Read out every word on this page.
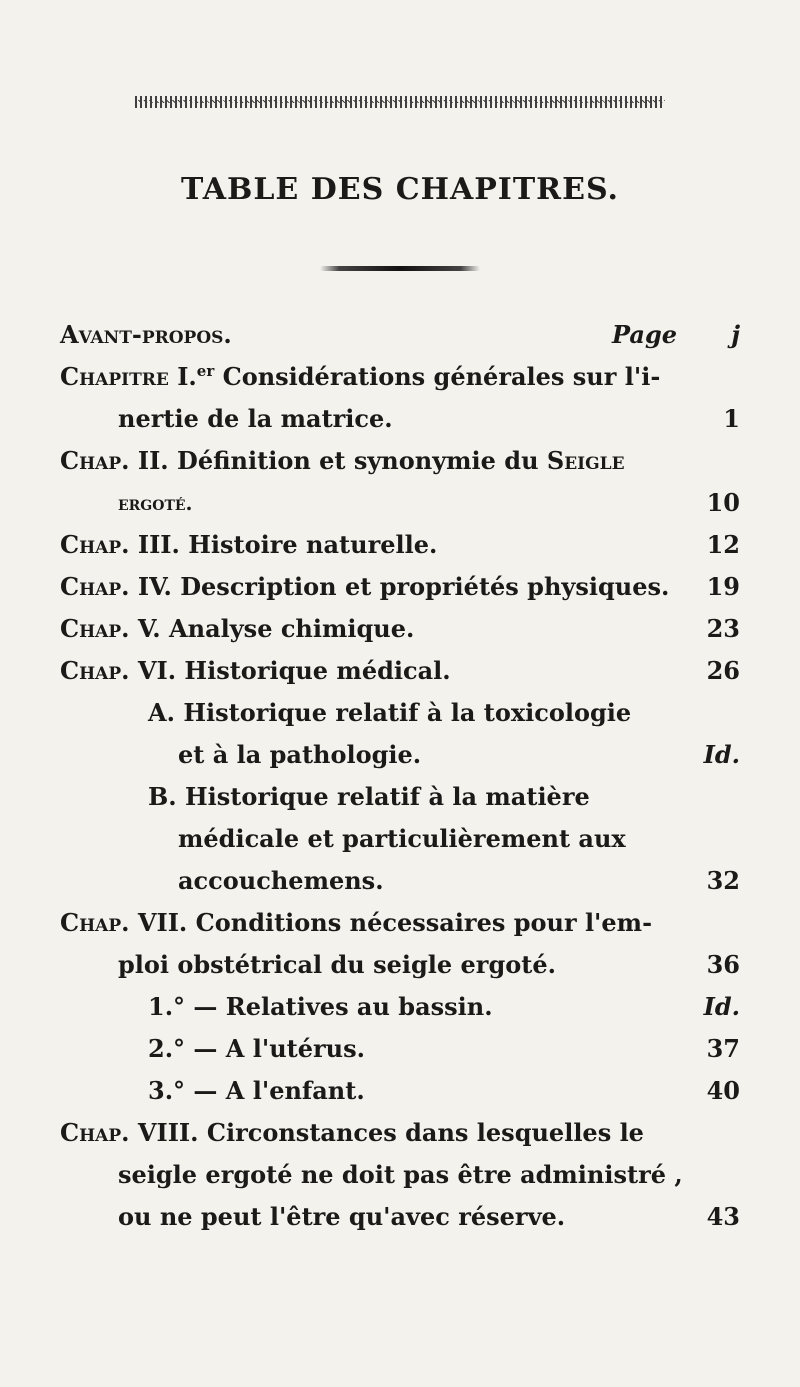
TABLE DES CHAPITRES.
Avant-propos.	Page	j
Chapitre I.$^{er}$ Considérations générales sur l'i-
nertie de la matrice.	1
Chap. II. Définition et synonymie du Seigle
ergoté.	10
Chap. III. Histoire naturelle.	12
Chap. IV. Description et propriétés physiques.	19
Chap. V. Analyse chimique.	23
Chap. VI. Historique médical.	26
A. Historique relatif à la toxicologie
et à la pathologie.	Id.
B. Historique relatif à la matière
médicale et particulièrement aux
accouchemens.	32
Chap. VII. Conditions nécessaires pour l'em-
ploi obstétrical du seigle ergoté.	36
1.° — Relatives au bassin.	Id.
2.° — A l'utérus.	37
3.° — A l'enfant.	40
Chap. VIII. Circonstances dans lesquelles le
seigle ergoté ne doit pas être administré ,
ou ne peut l'être qu'avec réserve.	43
